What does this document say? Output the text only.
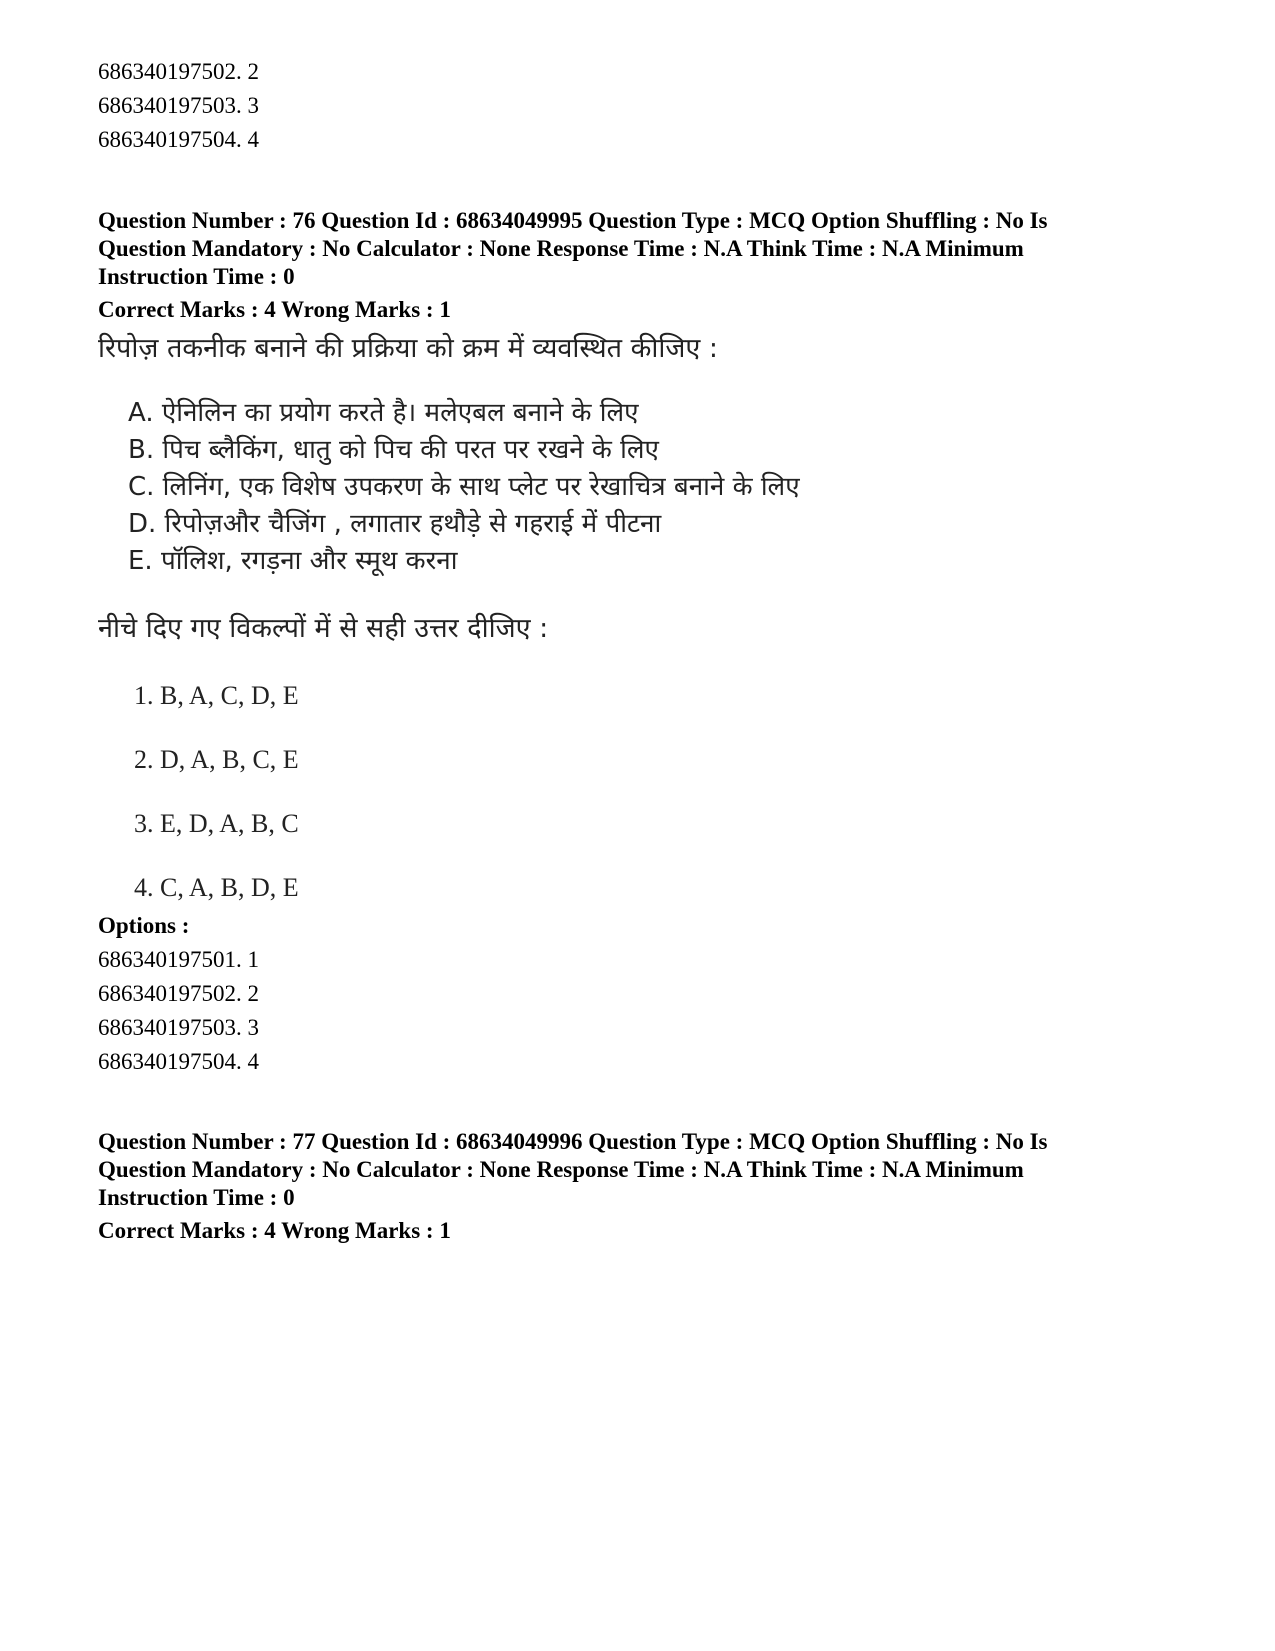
686340197502. 2
686340197503. 3
686340197504. 4
Question Number : 76 Question Id : 68634049995 Question Type : MCQ Option Shuffling : No Is
Question Mandatory : No Calculator : None Response Time : N.A Think Time : N.A Minimum
Instruction Time : 0
Correct Marks : 4 Wrong Marks : 1
रिपोज़ तकनीक बनाने की प्रक्रिया को क्रम में व्यवस्थित कीजिए :
A. ऐनिलिन का प्रयोग करते है। मलेएबल बनाने के लिए
B. पिच ब्लैकिंग, धातु को पिच की परत पर रखने के लिए
C. लिनिंग, एक विशेष उपकरण के साथ प्लेट पर रेखाचित्र बनाने के लिए
D. रिपोज़और चैजिंग , लगातार हथौड़े से गहराई में पीटना
E. पॉलिश, रगड़ना और स्मूथ करना
नीचे दिए गए विकल्पों में से सही उत्तर दीजिए :
1. B, A, C, D, E
2. D, A, B, C, E
3. E, D, A, B, C
4. C, A, B, D, E
Options :
686340197501. 1
686340197502. 2
686340197503. 3
686340197504. 4
Question Number : 77 Question Id : 68634049996 Question Type : MCQ Option Shuffling : No Is
Question Mandatory : No Calculator : None Response Time : N.A Think Time : N.A Minimum
Instruction Time : 0
Correct Marks : 4 Wrong Marks : 1
